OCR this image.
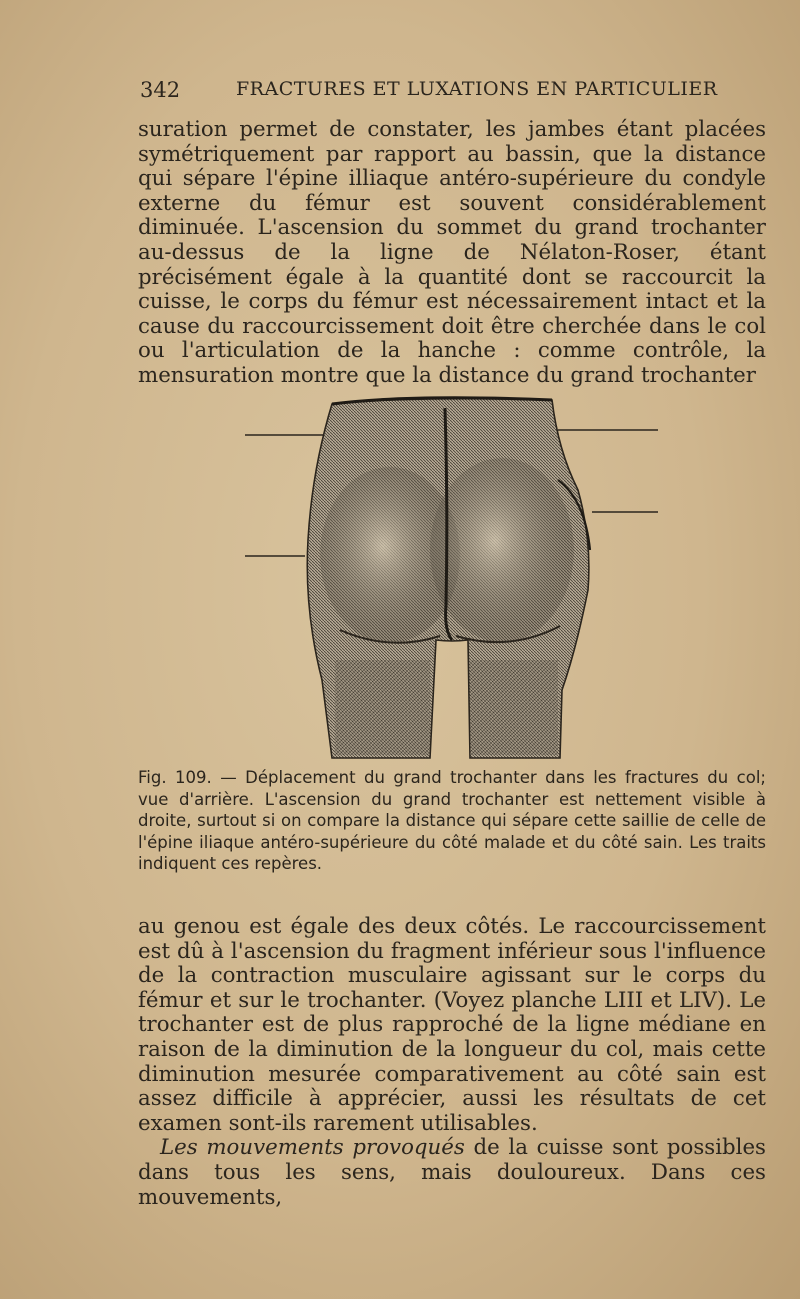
342	FRACTURES ET LUXATIONS EN PARTICULIER

suration permet de constater, les jambes étant placées symétriquement par rapport au bassin, que la distance qui sépare l'épine illiaque antéro-supérieure du condyle externe du fémur est souvent considérablement diminuée. L'ascension du sommet du grand trochanter au-dessus de la ligne de Nélaton-Roser, étant précisément égale à la quantité dont se raccourcit la cuisse, le corps du fémur est nécessairement intact et la cause du raccourcissement doit être cherchée dans le col ou l'articulation de la hanche : comme contrôle, la mensuration montre que la distance du grand trochanter

Fig. 109. — Déplacement du grand trochanter dans les fractures du col; vue d'arrière. L'ascension du grand trochanter est nettement visible à droite, surtout si on compare la distance qui sépare cette saillie de celle de l'épine iliaque antéro-supérieure du côté malade et du côté sain. Les traits indiquent ces repères.

au genou est égale des deux côtés. Le raccourcissement est dû à l'ascension du fragment inférieur sous l'influence de la contraction musculaire agissant sur le corps du fémur et sur le trochanter. (Voyez planche LIII et LIV). Le trochanter est de plus rapproché de la ligne médiane en raison de la diminution de la longueur du col, mais cette diminution mesurée comparativement au côté sain est assez difficile à apprécier, aussi les résultats de cet examen sont-ils rarement utilisables.

Les mouvements provoqués de la cuisse sont possibles dans tous les sens, mais douloureux. Dans ces mouvements,
